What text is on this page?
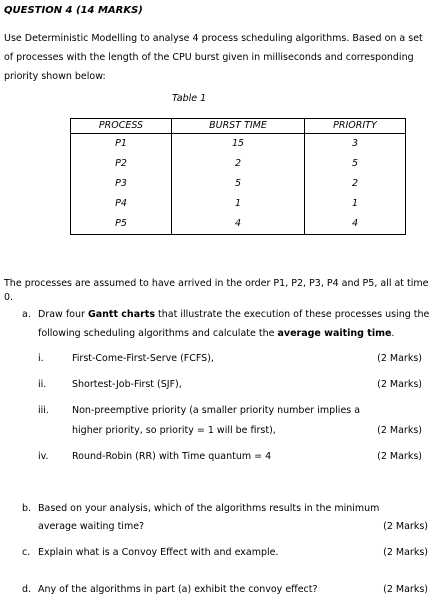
QUESTION 4 (14 MARKS)
Use Deterministic Modelling to analyse 4 process scheduling algorithms. Based on a set of processes with the length of the CPU burst given in milliseconds and corresponding priority shown below:
Table 1
PROCESS	BURST TIME	PRIORITY
P1	15	3
P2	2	5
P3	5	2
P4	1	1
P5	4	4
The processes are assumed to have arrived in the order P1, P2, P3, P4 and P5, all at time 0.
a. Draw four Gantt charts that illustrate the execution of these processes using the
following scheduling algorithms and calculate the average waiting time.
i.	First-Come-First-Serve (FCFS),	(2 Marks)
ii.	Shortest-Job-First (SJF),	(2 Marks)
iii. Non-preemptive priority (a smaller priority number implies a
higher priority, so priority = 1 will be first),	(2 Marks)
iv. Round-Robin (RR) with Time quantum = 4	(2 Marks)
b. Based on your analysis, which of the algorithms results in the minimum
average waiting time?	(2 Marks)
c. Explain what is a Convoy Effect with and example.	(2 Marks)
d. Any of the algorithms in part (a) exhibit the convoy effect?	(2 Marks)
